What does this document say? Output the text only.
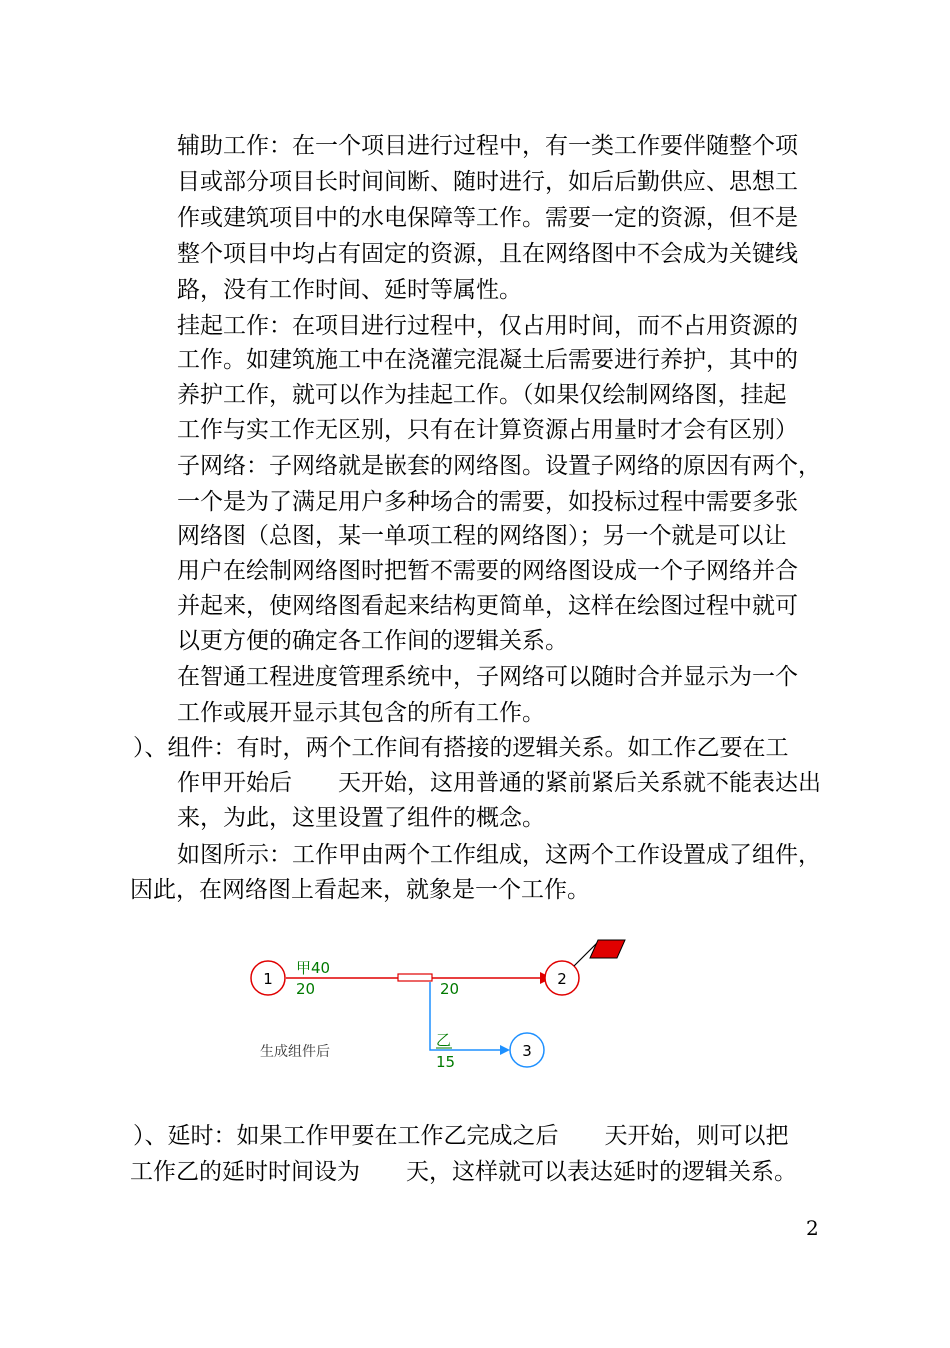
辅助工作：在一个项目进行过程中，有一类工作要伴随整个项
目或部分项目长时间间断、随时进行，如后后勤供应、思想工
作或建筑项目中的水电保障等工作。需要一定的资源，但不是
整个项目中均占有固定的资源，且在网络图中不会成为关键线
路，没有工作时间、延时等属性。
挂起工作：在项目进行过程中，仅占用时间，而不占用资源的
工作。如建筑施工中在浇灌完混凝土后需要进行养护，其中的
养护工作，就可以作为挂起工作。（如果仅绘制网络图，挂起
工作与实工作无区别，只有在计算资源占用量时才会有区别）
子网络：子网络就是嵌套的网络图。设置子网络的原因有两个，
一个是为了满足用户多种场合的需要，如投标过程中需要多张
网络图（总图，某一单项工程的网络图）；另一个就是可以让
用户在绘制网络图时把暂不需要的网络图设成一个子网络并合
并起来，使网络图看起来结构更简单，这样在绘图过程中就可
以更方便的确定各工作间的逻辑关系。
在智通工程进度管理系统中，子网络可以随时合并显示为一个
工作或展开显示其包含的所有工作。
）、组件：有时，两个工作间有搭接的逻辑关系。如工作乙要在工
作甲开始后　　天开始，这用普通的紧前紧后关系就不能表达出
来，为此，这里设置了组件的概念。
如图所示：工作甲由两个工作组成，这两个工作设置成了组件，
因此，在网络图上看起来，就象是一个工作。
1	2
3
甲40
20	20
乙
15
生成组件后
）、延时：如果工作甲要在工作乙完成之后　　天开始，则可以把
工作乙的延时时间设为　　天，这样就可以表达延时的逻辑关系。
2
